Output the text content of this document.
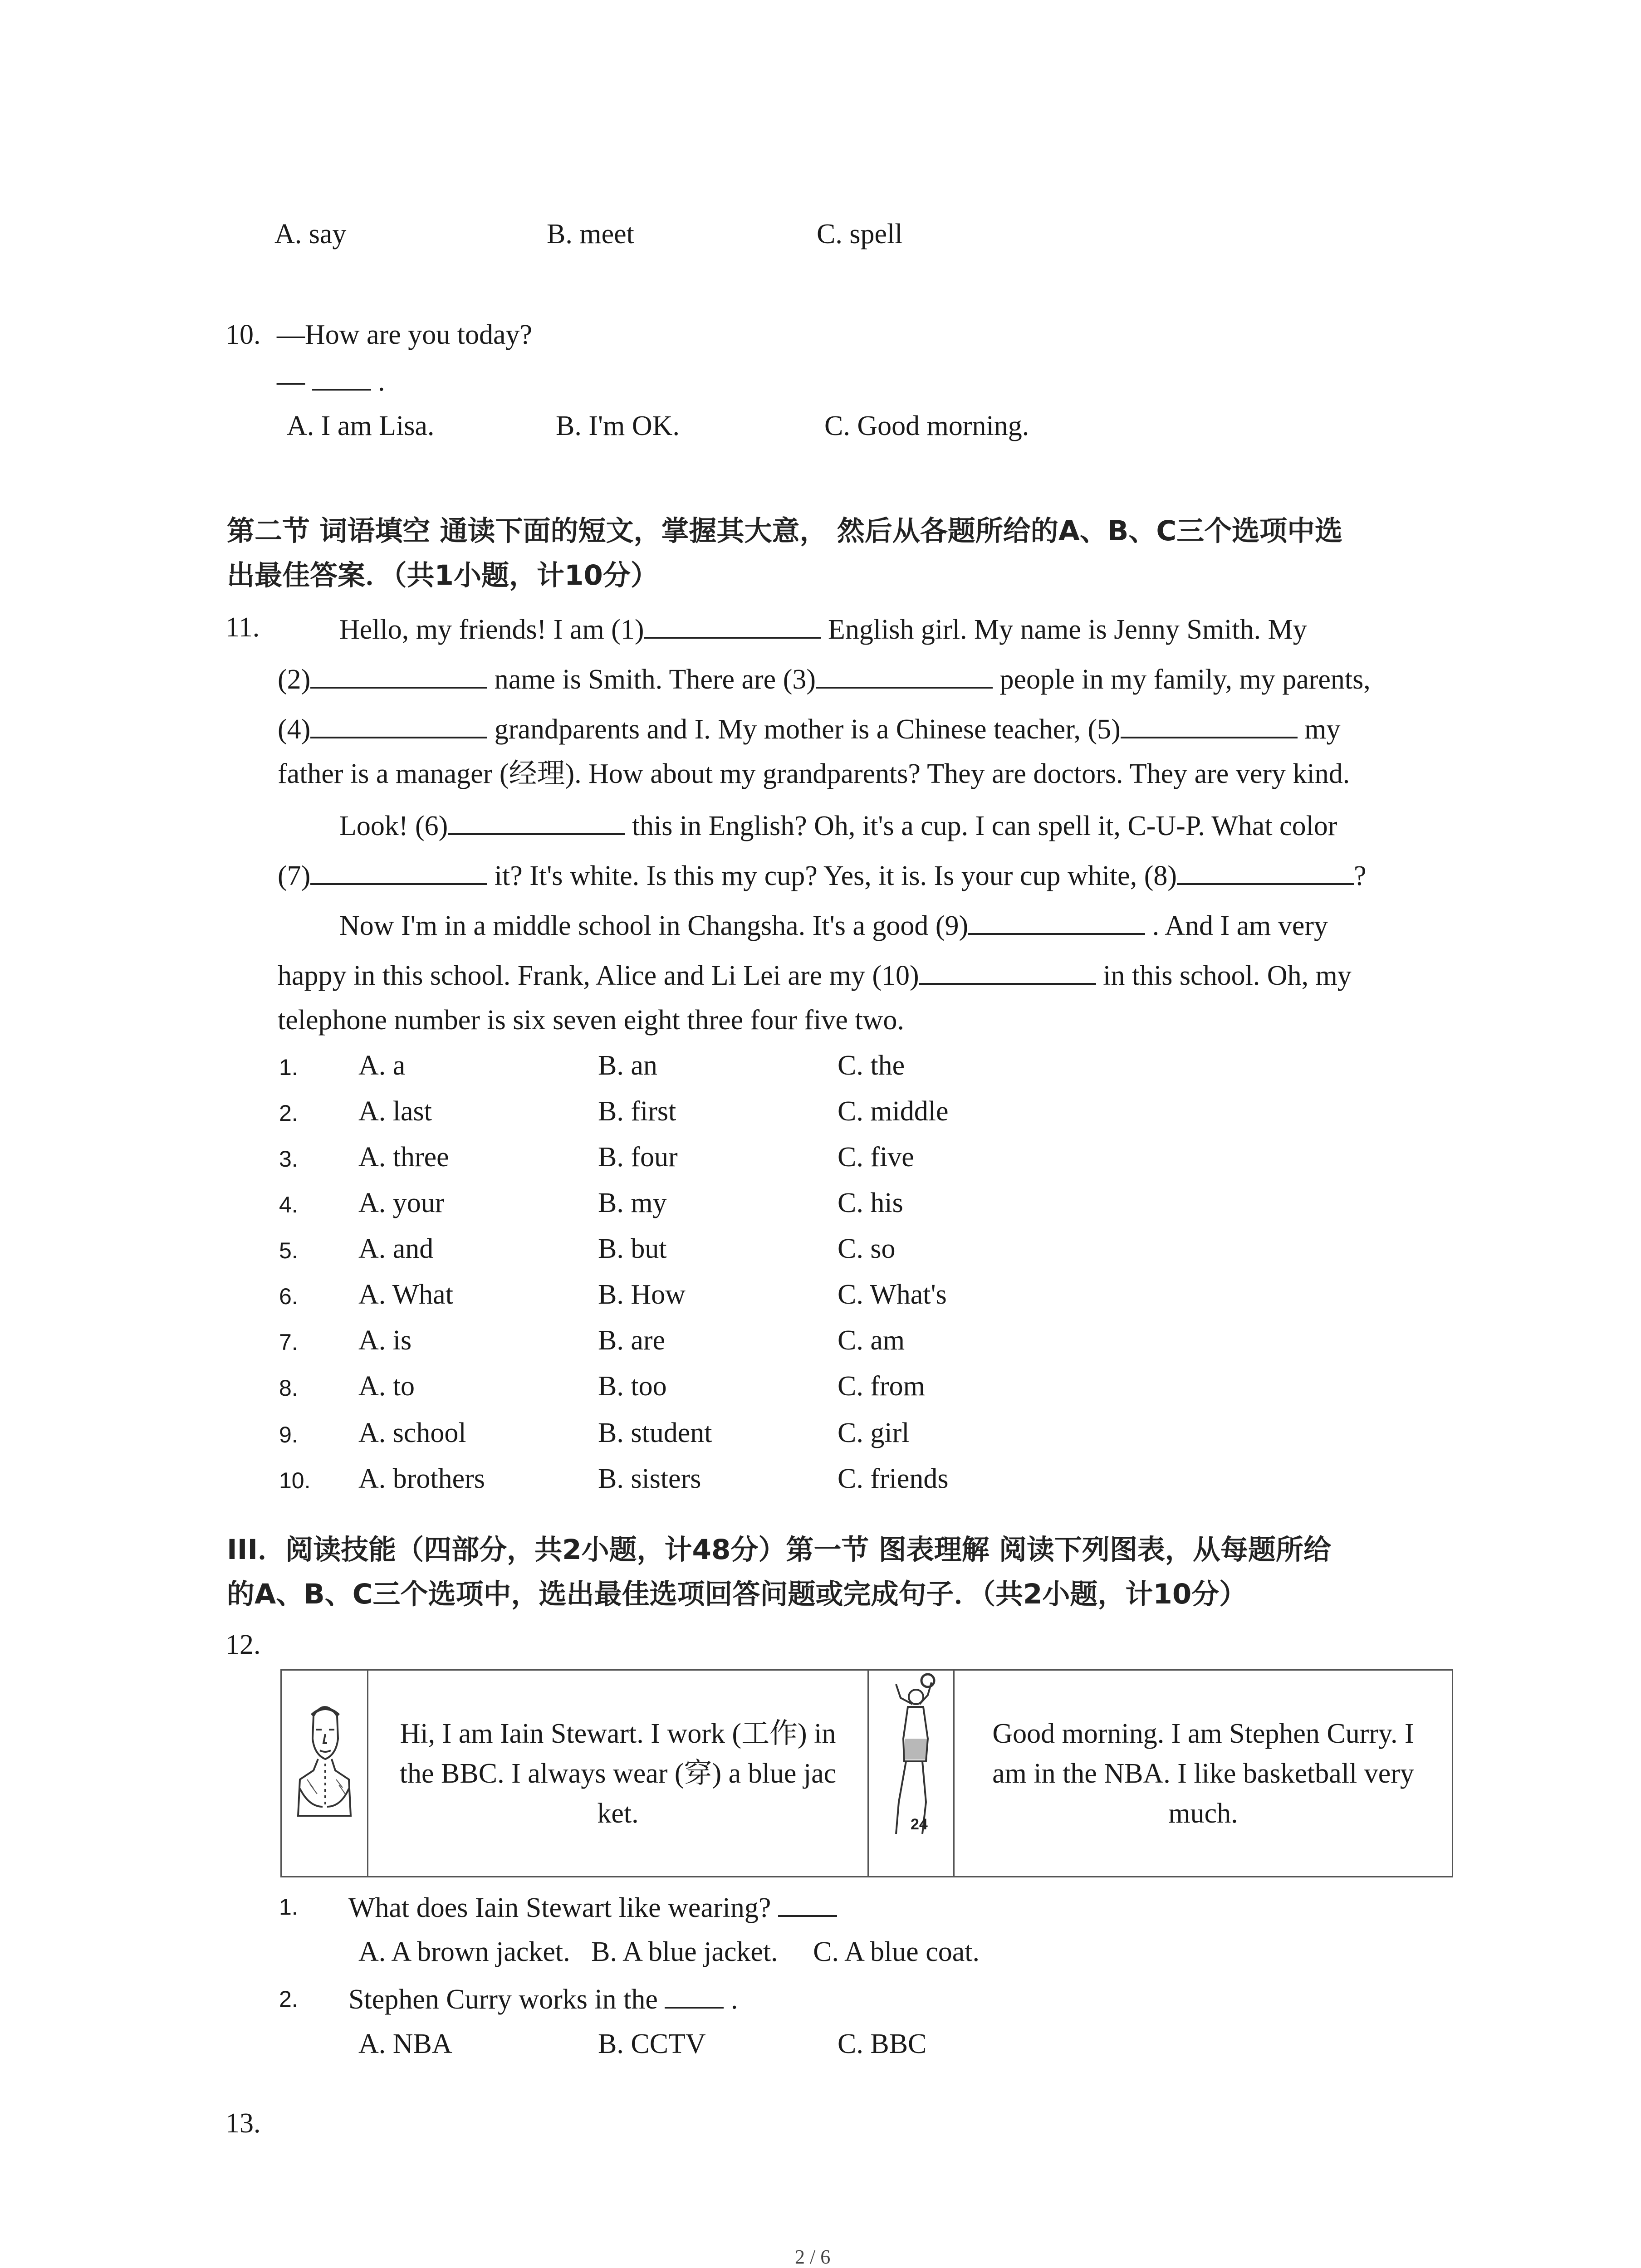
A. say	B. meet	C. spell
10. —How are you today?
—	.
A. I am Lisa.	B. I'm OK.	C. Good morning.
第二节 词语填空 通读下面的短文，掌握其大意， 然后从各题所给的A、B、C三个选项中选
出最佳答案．（共1小题，计10分）
11.	Hello, my friends! I am (1)	English girl. My name is Jenny Smith. My
(2)	name is Smith. There are (3)	people in my family, my parents,
(4)	grandparents and I. My mother is a Chinese teacher, (5)	my
father is a manager (经理). How about my grandparents? They are doctors. They are very kind.
Look! (6)	this in English? Oh, it's a cup. I can spell it, C-U-P. What color
(7)	it? It's white. Is this my cup? Yes, it is. Is your cup white, (8)	?
Now I'm in a middle school in Changsha. It's a good (9)	. And I am very
happy in this school. Frank, Alice and Li Lei are my (10)	in this school. Oh, my
telephone number is six seven eight three four five two.
1. A. a	B. an	C. the
2. A. last	B. first	C. middle
3. A. three	B. four	C. five
4. A. your	B. my	C. his
5. A. and	B. but	C. so
6. A. What	B. How	C. What's
7. A. is	B. are	C. am
8. A. to	B. too	C. from
9. A. school	B. student	C. girl
10. A. brothers	B. sisters	C. friends
III．阅读技能（四部分，共2小题，计48分）第一节 图表理解 阅读下列图表，从每题所给
的A、B、C三个选项中，选出最佳选项回答问题或完成句子．（共2小题，计10分）
12.

Hi, I am Iain Stewart. I work (工作) in
the BBC. I always wear (穿) a blue jac
ket.	24

Good morning. I am Stephen Curry. I
am in the NBA. I like basketball very
much.
1. What does Iain Stewart like wearing?
A. A brown jacket.   B. A blue jacket.     C. A blue coat.
2. Stephen Curry works in the	.
A. NBA	B. CCTV	C. BBC
13.
2 / 6
